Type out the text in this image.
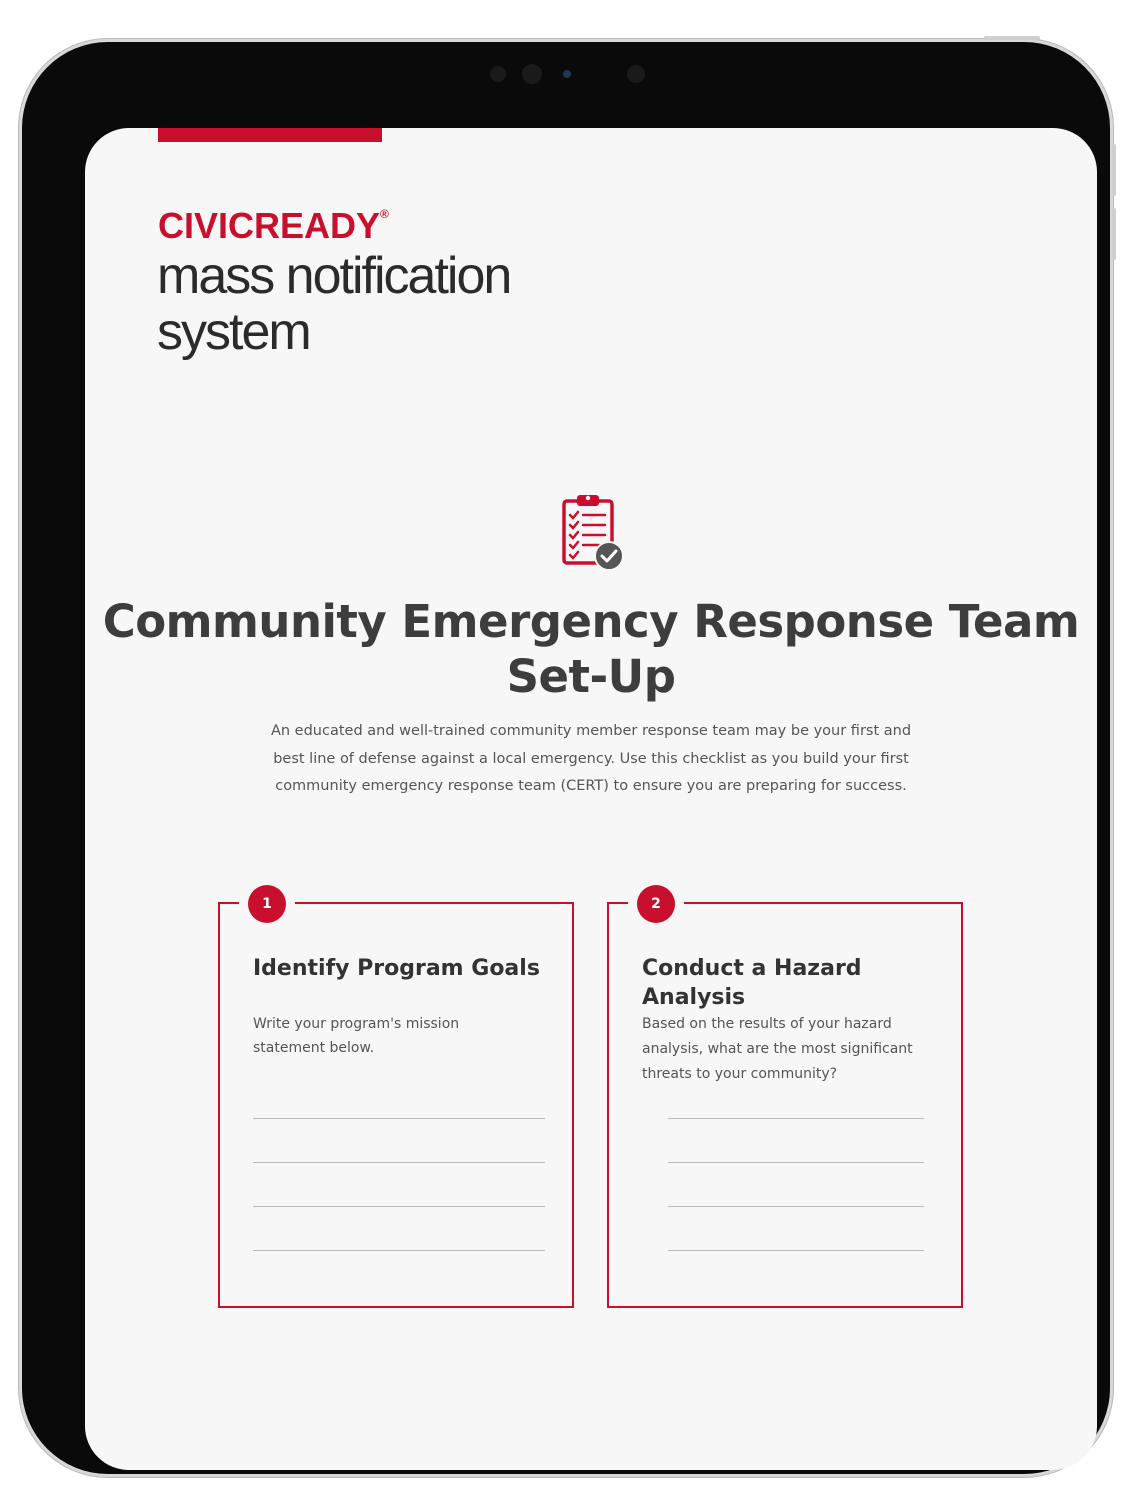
CIVICREADY®
mass notification system
Community Emergency Response Team Set-Up
An educated and well-trained community member response team may be your first and best line of defense against a local emergency. Use this checklist as you build your first community emergency response team (CERT) to ensure you are preparing for success.
1
Identify Program Goals
Write your program's mission statement below.
2
Conduct a Hazard Analysis
Based on the results of your hazard analysis, what are the most significant threats to your community?
